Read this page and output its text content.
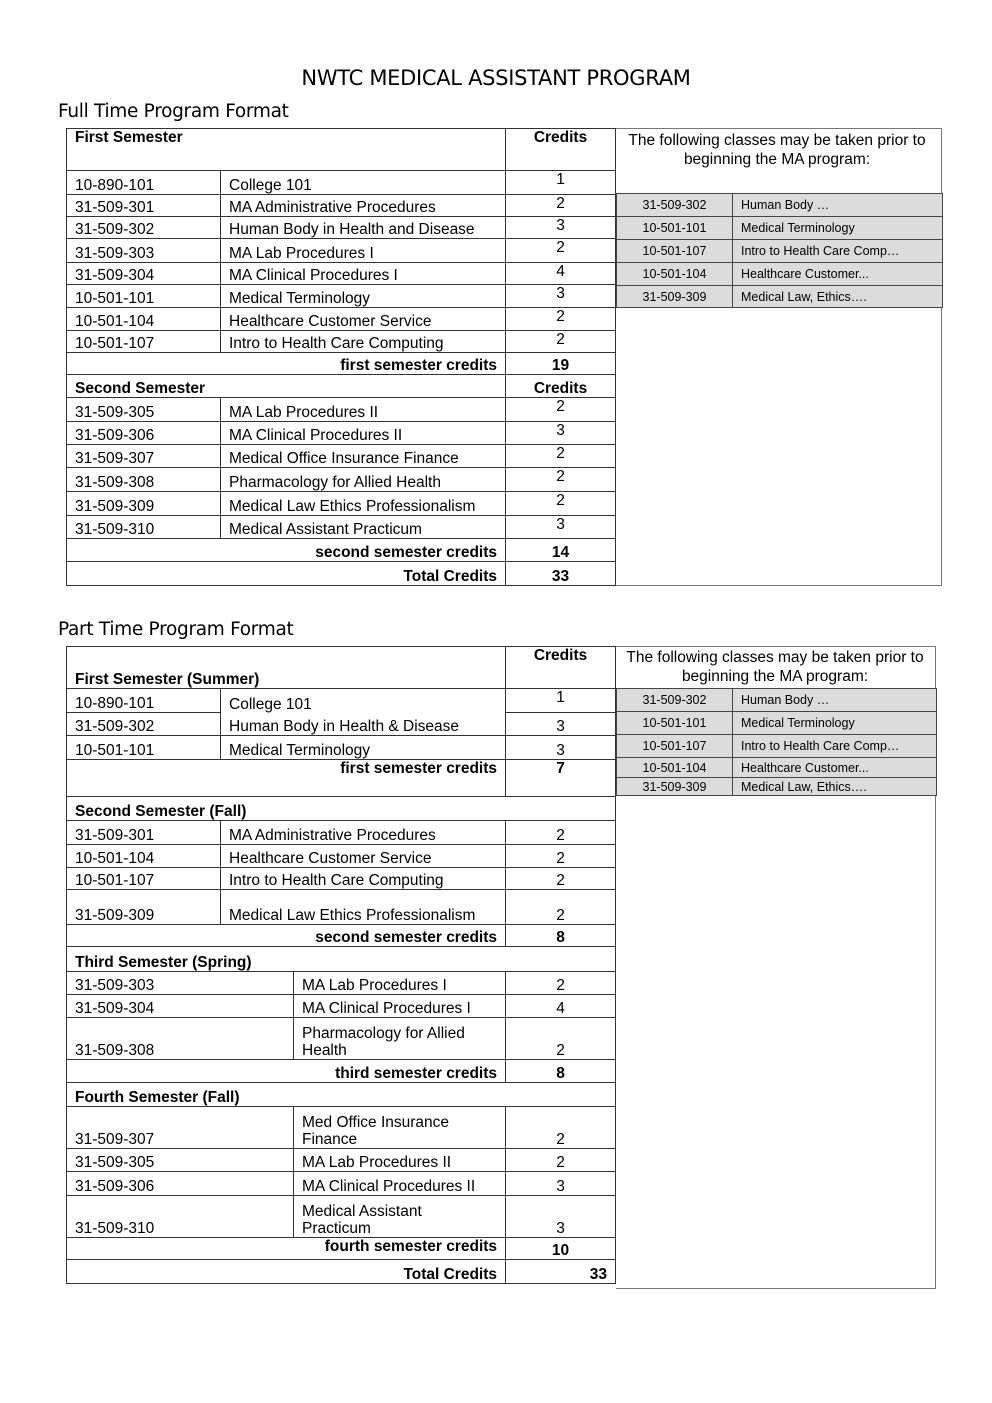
NWTC MEDICAL ASSISTANT PROGRAM
Full Time Program Format
First Semester		Credits
10-890-101	College 101	1
31-509-301	MA Administrative Procedures	2
31-509-302	Human Body in Health and Disease	3
31-509-303	MA Lab Procedures I	2
31-509-304	MA Clinical Procedures I	4
10-501-101	Medical Terminology	3
10-501-104	Healthcare Customer Service	2
10-501-107	Intro to Health Care Computing	2
first semester credits		19
Second Semester		Credits
31-509-305	MA Lab Procedures II	2
31-509-306	MA Clinical Procedures II	3
31-509-307	Medical Office Insurance Finance	2
31-509-308	Pharmacology for Allied Health	2
31-509-309	Medical Law Ethics Professionalism	2
31-509-310	Medical Assistant Practicum	3
second semester credits		14
Total Credits		33
The following classes may be taken prior to beginning the MA program:
31-509-302	Human Body …
10-501-101	Medical Terminology
10-501-107	Intro to Health Care Comp…
10-501-104	Healthcare Customer...
31-509-309	Medical Law, Ethics….
Part Time Program Format
First Semester (Summer)			Credits
10-890-101	College 101		1
31-509-302	Human Body in Health & Disease		3
10-501-101	Medical Terminology		3
first semester credits			7
Second Semester (Fall)			
31-509-301	MA Administrative Procedures		2
10-501-104	Healthcare Customer Service		2
10-501-107	Intro to Health Care Computing		2
31-509-309	Medical Law Ethics Professionalism		2
second semester credits			8
Third Semester (Spring)			
31-509-303		MA Lab Procedures I	2
31-509-304		MA Clinical Procedures I	4
31-509-308		Pharmacology for Allied Health	2
third semester credits			8
Fourth Semester (Fall)			
31-509-307		Med Office Insurance Finance	2
31-509-305		MA Lab Procedures II	2
31-509-306		MA Clinical Procedures II	3
31-509-310		Medical Assistant Practicum	3
fourth semester credits			10
Total Credits			33
The following classes may be taken prior to beginning the MA program:
31-509-302	Human Body …
10-501-101	Medical Terminology
10-501-107	Intro to Health Care Comp…
10-501-104	Healthcare Customer...
31-509-309	Medical Law, Ethics….
